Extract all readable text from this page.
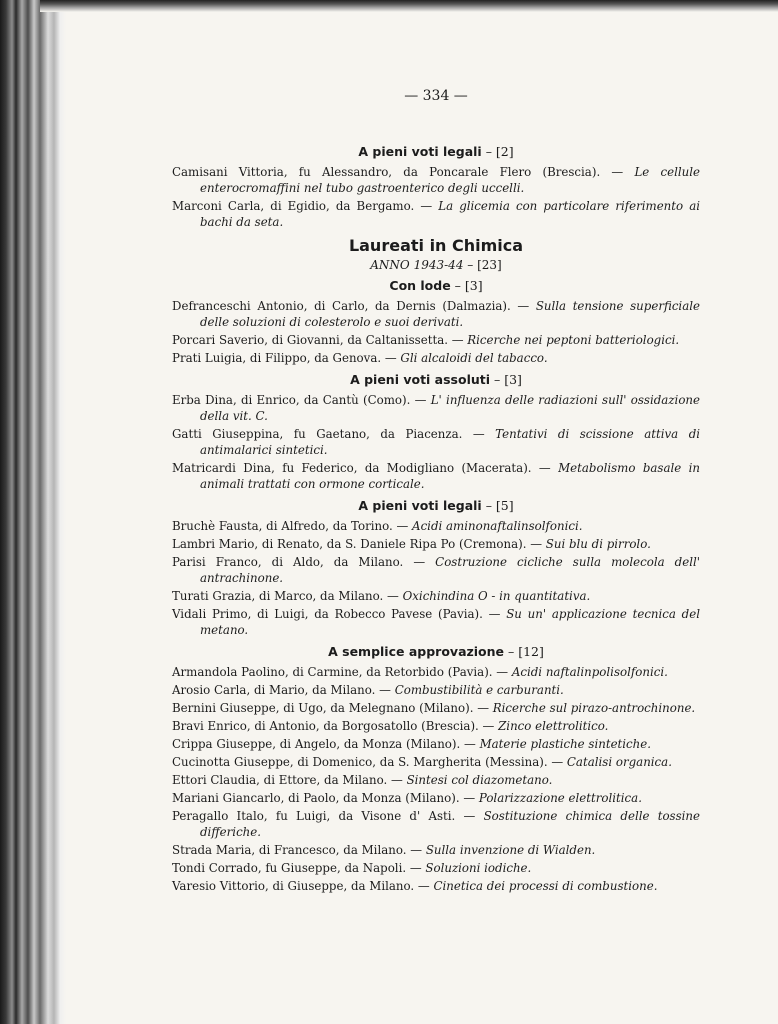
— 334 —
A pieni voti legali – [2]
Camisani Vittoria, fu Alessandro, da Poncarale Flero (Brescia). — Le cellule enterocromaffini nel tubo gastroenterico degli uccelli.
Marconi Carla, di Egidio, da Bergamo. — La glicemia con particolare riferimento ai bachi da seta.
Laureati in Chimica
ANNO 1943-44 – [23]
Con lode – [3]
Defranceschi Antonio, di Carlo, da Dernis (Dalmazia). — Sulla tensione superficiale delle soluzioni di colesterolo e suoi derivati.
Porcari Saverio, di Giovanni, da Caltanissetta. — Ricerche nei peptoni batteriologici.
Prati Luigia, di Filippo, da Genova. — Gli alcaloidi del tabacco.
A pieni voti assoluti – [3]
Erba Dina, di Enrico, da Cantù (Como). — L' influenza delle radiazioni sull' ossidazione della vit. C.
Gatti Giuseppina, fu Gaetano, da Piacenza. — Tentativi di scissione attiva di antimalarici sintetici.
Matricardi Dina, fu Federico, da Modigliano (Macerata). — Metabolismo basale in animali trattati con ormone corticale.
A pieni voti legali – [5]
Bruchè Fausta, di Alfredo, da Torino. — Acidi aminonaftalinsolfonici.
Lambri Mario, di Renato, da S. Daniele Ripa Po (Cremona). — Sui blu di pirrolo.
Parisi Franco, di Aldo, da Milano. — Costruzione cicliche sulla molecola dell' antrachinone.
Turati Grazia, di Marco, da Milano. — Oxichindina O - in quantitativa.
Vidali Primo, di Luigi, da Robecco Pavese (Pavia). — Su un' applicazione tecnica del metano.
A semplice approvazione – [12]
Armandola Paolino, di Carmine, da Retorbido (Pavia). — Acidi naftalinpolisolfonici.
Arosio Carla, di Mario, da Milano. — Combustibilità e carburanti.
Bernini Giuseppe, di Ugo, da Melegnano (Milano). — Ricerche sul pirazo-antrochinone.
Bravi Enrico, di Antonio, da Borgosatollo (Brescia). — Zinco elettrolitico.
Crippa Giuseppe, di Angelo, da Monza (Milano). — Materie plastiche sintetiche.
Cucinotta Giuseppe, di Domenico, da S. Margherita (Messina). — Catalisi organica.
Ettori Claudia, di Ettore, da Milano. — Sintesi col diazometano.
Mariani Giancarlo, di Paolo, da Monza (Milano). — Polarizzazione elettrolitica.
Peragallo Italo, fu Luigi, da Visone d' Asti. — Sostituzione chimica delle tossine differiche.
Strada Maria, di Francesco, da Milano. — Sulla invenzione di Wialden.
Tondi Corrado, fu Giuseppe, da Napoli. — Soluzioni iodiche.
Varesio Vittorio, di Giuseppe, da Milano. — Cinetica dei processi di combustione.
